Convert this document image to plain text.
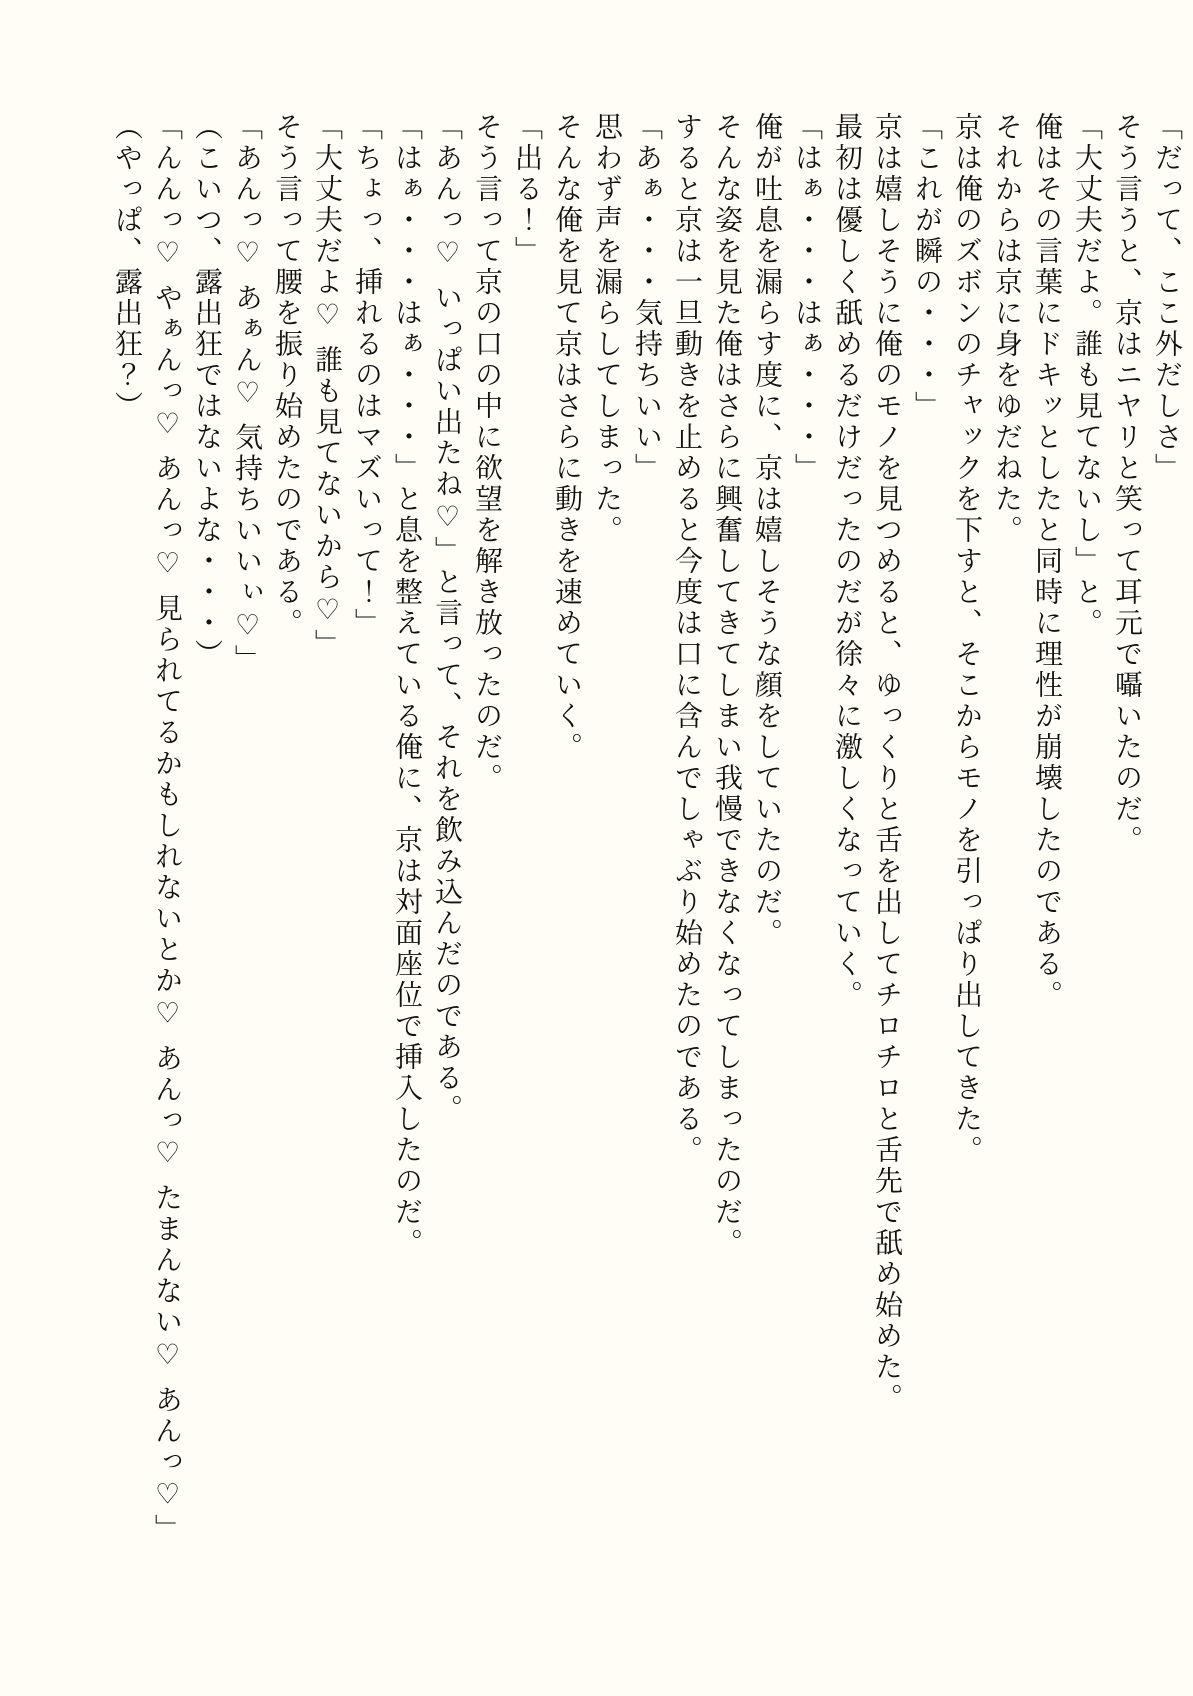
「だって、ここ外だしさ」

そう言うと、京はニヤリと笑って耳元で囁いたのだ。

「大丈夫だよ。誰も見てないし」と。

俺はその言葉にドキッとしたと同時に理性が崩壊したのである。

それからは京に身をゆだねた。

京は俺のズボンのチャックを下すと、そこからモノを引っぱり出してきた。

「これが瞬の・・・」

京は嬉しそうに俺のモノを見つめると、ゆっくりと舌を出してチロチロと舌先で舐め始めた。

最初は優しく舐めるだけだったのだが徐々に激しくなっていく。

「はぁ・・・はぁ・・・」

俺が吐息を漏らす度に、京は嬉しそうな顔をしていたのだ。

そんな姿を見た俺はさらに興奮してきてしまい我慢できなくなってしまったのだ。

すると京は一旦動きを止めると今度は口に含んでしゃぶり始めたのである。

「あぁ・・・気持ちいい」

思わず声を漏らしてしまった。

そんな俺を見て京はさらに動きを速めていく。

「出る！」

そう言って京の口の中に欲望を解き放ったのだ。

「あんっ♡ いっぱい出たね♡」と言って、それを飲み込んだのである。

「はぁ・・・はぁ・・・」と息を整えている俺に、京は対面座位で挿入したのだ。

「ちょっ、挿れるのはマズいって！」

「大丈夫だよ♡ 誰も見てないから♡」

そう言って腰を振り始めたのである。

「あんっ♡ あぁん♡ 気持ちいいぃ♡」

（こいつ、露出狂ではないよな・・・）

「んんっ♡ やぁんっ♡ あんっ♡ 見られてるかもしれないとか♡ あんっ♡ たまんない♡ あんっ♡」

（やっぱ、露出狂？）
